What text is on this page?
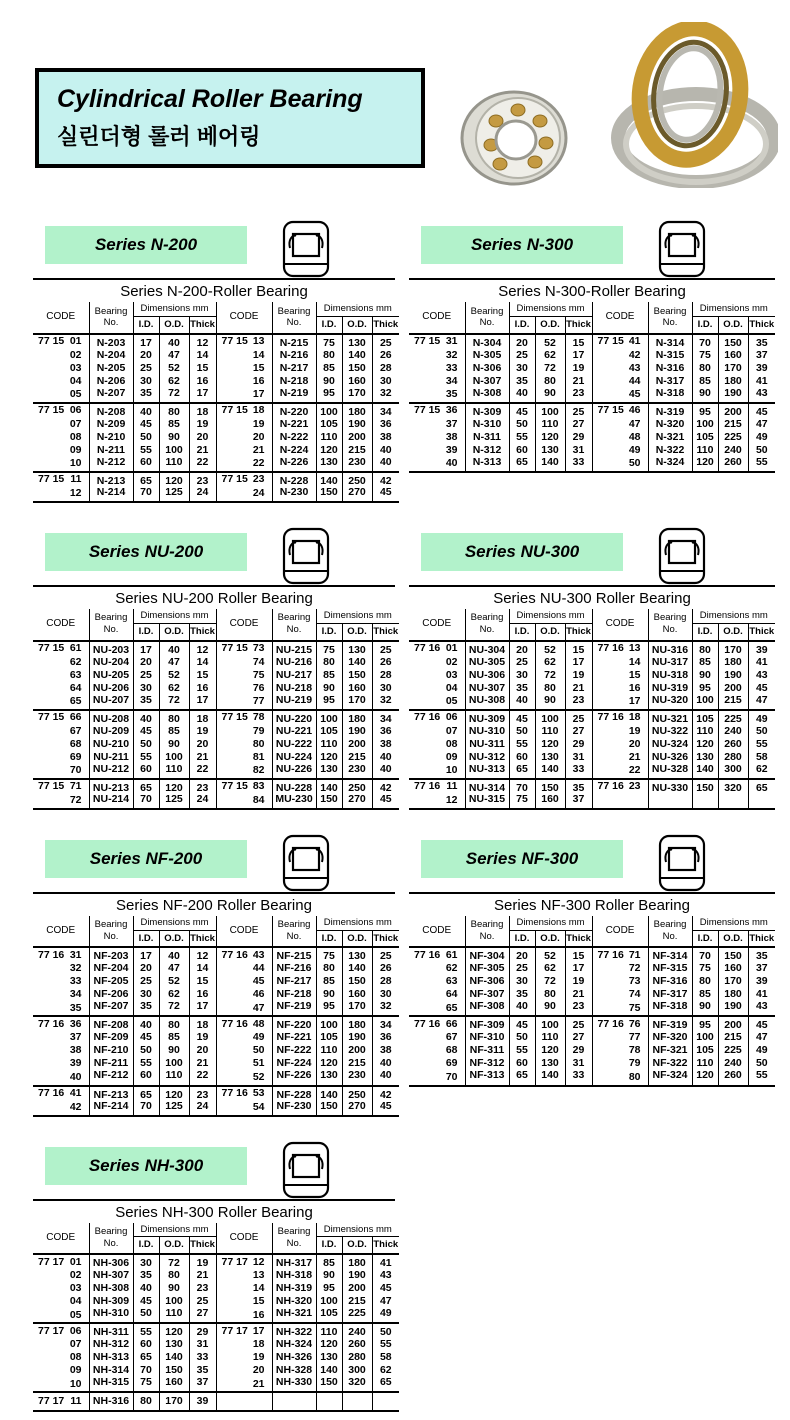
Cylindrical Roller Bearing
실린더형 롤러 베어링
Series N-200
Series N-200-Roller Bearing
CODE	Bearing No.	Dimensions mm			CODE	Bearing No.	Dimensions mm		
		I.D.	O.D.	Thick			I.D.	O.D.	Thick

77 15 01	N-203	17	40	12	77 15 13	N-215	75	130	25

02	N-204	20	47	14	14	N-216	80	140	26

03	N-205	25	52	15	15	N-217	85	150	28

04	N-206	30	62	16	16	N-218	90	160	30

05	N-207	35	72	17	17	N-219	95	170	32

77 15 06	N-208	40	80	18	77 15 18	N-220	100	180	34

07	N-209	45	85	19	19	N-221	105	190	36

08	N-210	50	90	20	20	N-222	110	200	38

09	N-211	55	100	21	21	N-224	120	215	40

10	N-212	60	110	22	22	N-226	130	230	40

77 15 11	N-213	65	120	23	77 15 23	N-228	140	250	42

12	N-214	70	125	24	24	N-230	150	270	45
Series N-300
Series N-300-Roller Bearing
CODE	Bearing No.	Dimensions mm			CODE	Bearing No.	Dimensions mm		
		I.D.	O.D.	Thick			I.D.	O.D.	Thick

77 15 31	N-304	20	52	15	77 15 41	N-314	70	150	35

32	N-305	25	62	17	42	N-315	75	160	37

33	N-306	30	72	19	43	N-316	80	170	39

34	N-307	35	80	21	44	N-317	85	180	41

35	N-308	40	90	23	45	N-318	90	190	43

77 15 36	N-309	45	100	25	77 15 46	N-319	95	200	45

37	N-310	50	110	27	47	N-320	100	215	47

38	N-311	55	120	29	48	N-321	105	225	49

39	N-312	60	130	31	49	N-322	110	240	50

40	N-313	65	140	33	50	N-324	120	260	55
Series NU-200
Series NU-200 Roller Bearing
CODE	Bearing No.	Dimensions mm			CODE	Bearing No.	Dimensions mm		
		I.D.	O.D.	Thick			I.D.	O.D.	Thick

77 15 61	NU-203	17	40	12	77 15 73	NU-215	75	130	25

62	NU-204	20	47	14	74	NU-216	80	140	26

63	NU-205	25	52	15	75	NU-217	85	150	28

64	NU-206	30	62	16	76	NU-218	90	160	30

65	NU-207	35	72	17	77	NU-219	95	170	32

77 15 66	NU-208	40	80	18	77 15 78	NU-220	100	180	34

67	NU-209	45	85	19	79	NU-221	105	190	36

68	NU-210	50	90	20	80	NU-222	110	200	38

69	NU-211	55	100	21	81	NU-224	120	215	40

70	NU-212	60	110	22	82	NU-226	130	230	40

77 15 71	NU-213	65	120	23	77 15 83	NU-228	140	250	42

72	NU-214	70	125	24	84	MU-230	150	270	45
Series NU-300
Series NU-300 Roller Bearing
CODE	Bearing No.	Dimensions mm			CODE	Bearing No.	Dimensions mm		
		I.D.	O.D.	Thick			I.D.	O.D.	Thick

77 16 01	NU-304	20	52	15	77 16 13	NU-316	80	170	39

02	NU-305	25	62	17	14	NU-317	85	180	41

03	NU-306	30	72	19	15	NU-318	90	190	43

04	NU-307	35	80	21	16	NU-319	95	200	45

05	NU-308	40	90	23	17	NU-320	100	215	47

77 16 06	NU-309	45	100	25	77 16 18	NU-321	105	225	49

07	NU-310	50	110	27	19	NU-322	110	240	50

08	NU-311	55	120	29	20	NU-324	120	260	55

09	NU-312	60	130	31	21	NU-326	130	280	58

10	NU-313	65	140	33	22	NU-328	140	300	62

77 16 11	NU-314	70	150	35	77 16 23	NU-330	150	320	65

12	NU-315	75	160	37	

Series NF-200
Series NF-200 Roller Bearing
CODE	Bearing No.	Dimensions mm			CODE	Bearing No.	Dimensions mm		
		I.D.	O.D.	Thick			I.D.	O.D.	Thick

77 16 31	NF-203	17	40	12	77 16 43	NF-215	75	130	25

32	NF-204	20	47	14	44	NF-216	80	140	26

33	NF-205	25	52	15	45	NF-217	85	150	28

34	NF-206	30	62	16	46	NF-218	90	160	30

35	NF-207	35	72	17	47	NF-219	95	170	32

77 16 36	NF-208	40	80	18	77 16 48	NF-220	100	180	34

37	NF-209	45	85	19	49	NF-221	105	190	36

38	NF-210	50	90	20	50	NF-222	110	200	38

39	NF-211	55	100	21	51	NF-224	120	215	40

40	NF-212	60	110	22	52	NF-226	130	230	40

77 16 41	NF-213	65	120	23	77 16 53	NF-228	140	250	42

42	NF-214	70	125	24	54	NF-230	150	270	45
Series NF-300
Series NF-300 Roller Bearing
CODE	Bearing No.	Dimensions mm			CODE	Bearing No.	Dimensions mm		
		I.D.	O.D.	Thick			I.D.	O.D.	Thick

77 16 61	NF-304	20	52	15	77 16 71	NF-314	70	150	35

62	NF-305	25	62	17	72	NF-315	75	160	37

63	NF-306	30	72	19	73	NF-316	80	170	39

64	NF-307	35	80	21	74	NF-317	85	180	41

65	NF-308	40	90	23	75	NF-318	90	190	43

77 16 66	NF-309	45	100	25	77 16 76	NF-319	95	200	45

67	NF-310	50	110	27	77	NF-320	100	215	47

68	NF-311	55	120	29	78	NF-321	105	225	49

69	NF-312	60	130	31	79	NF-322	110	240	50

70	NF-313	65	140	33	80	NF-324	120	260	55
Series NH-300
Series NH-300 Roller Bearing
CODE	Bearing No.	Dimensions mm			CODE	Bearing No.	Dimensions mm		
		I.D.	O.D.	Thick			I.D.	O.D.	Thick

77 17 01	NH-306	30	72	19	77 17 12	NH-317	85	180	41

02	NH-307	35	80	21	13	NH-318	90	190	43

03	NH-308	40	90	23	14	NH-319	95	200	45

04	NH-309	45	100	25	15	NH-320	100	215	47

05	NH-310	50	110	27	16	NH-321	105	225	49

77 17 06	NH-311	55	120	29	77 17 17	NH-322	110	240	50

07	NH-312	60	130	31	18	NH-324	120	260	55

08	NH-313	65	140	33	19	NH-326	130	280	58

09	NH-314	70	150	35	20	NH-328	140	300	62

10	NH-315	75	160	37	21	NH-330	150	320	65

77 17 11	NH-316	80	170	39	
